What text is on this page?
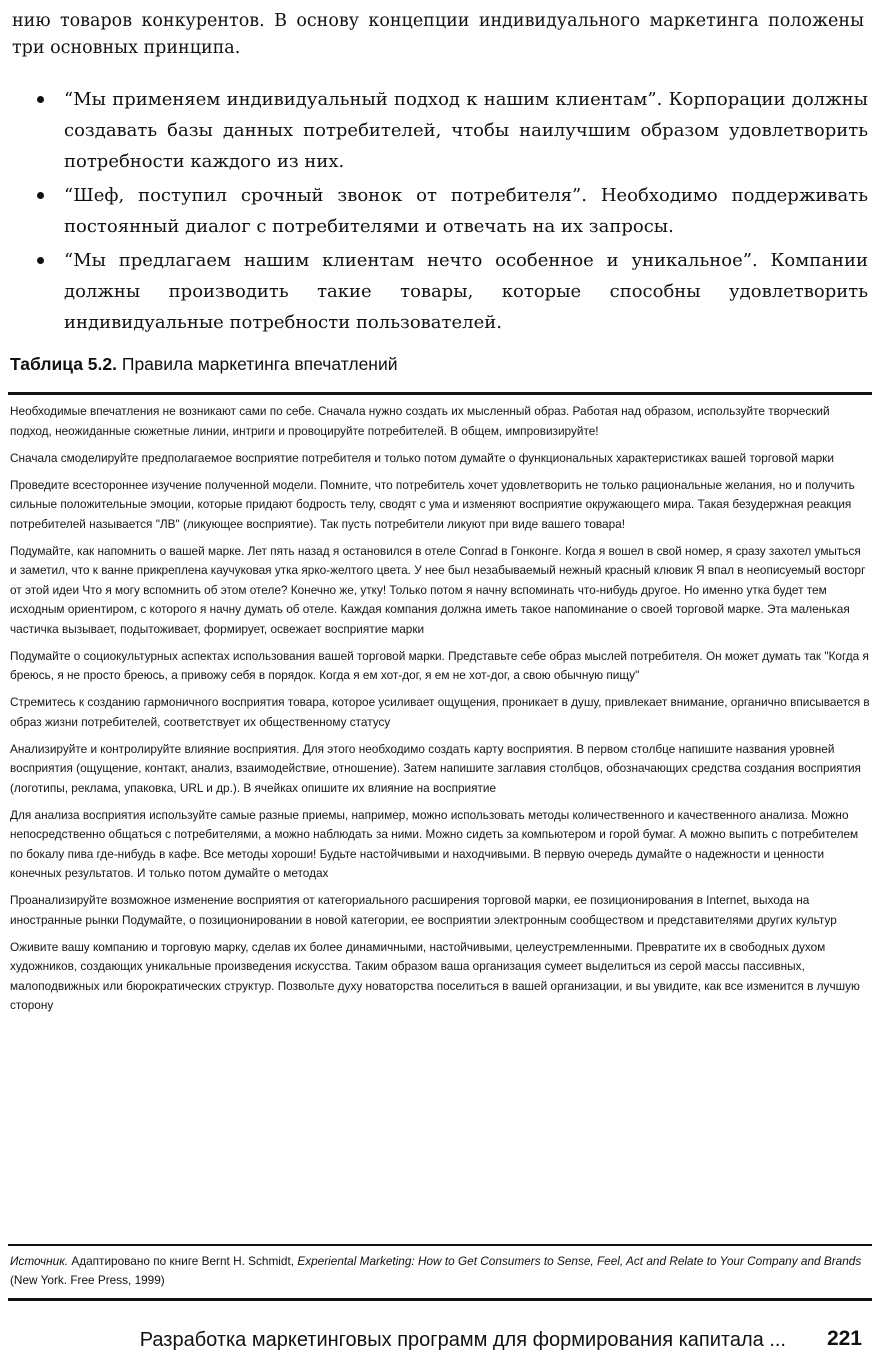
нию товаров конкурентов. В основу концепции индивидуального маркетинга положены три основных принципа.

“Мы применяем индивидуальный подход к нашим клиентам”. Корпорации должны создавать базы данных потребителей, чтобы наилучшим образом удовлетворить потребности каждого из них.
“Шеф, поступил срочный звонок от потребителя”. Необходимо поддерживать постоянный диалог с потребителями и отвечать на их запросы.
“Мы предлагаем нашим клиентам нечто особенное и уникальное”. Компании должны производить такие товары, которые способны удовлетворить индивидуальные потребности пользователей.
Таблица 5.2. Правила маркетинга впечатлений

Необходимые впечатления не возникают сами по себе. Сначала нужно создать их мысленный образ. Работая над образом, используйте творческий подход, неожиданные сюжетные линии, интриги и провоцируйте потребителей. В общем, импровизируйте!

Сначала смоделируйте предполагаемое восприятие потребителя и только потом думайте о функциональных характеристиках вашей торговой марки

Проведите всестороннее изучение полученной модели. Помните, что потребитель хочет удовлетворить не только рациональные желания, но и получить сильные положительные эмоции, которые придают бодрость телу, сводят с ума и изменяют восприятие окружающего мира. Такая безудержная реакция потребителей называется "ЛВ" (ликующее восприятие). Так пусть потребители ликуют при виде вашего товара!

Подумайте, как напомнить о вашей марке. Лет пять назад я остановился в отеле Conrad в Гонконге. Когда я вошел в свой номер, я сразу захотел умыться и заметил, что к ванне прикреплена каучуковая утка ярко-желтого цвета. У нее был незабываемый нежный красный клювик Я впал в неописуемый восторг от этой идеи Что я могу вспомнить об этом отеле? Конечно же, утку! Только потом я начну вспоминать что-нибудь другое. Но именно утка будет тем исходным ориентиром, с которого я начну думать об отеле. Каждая компания должна иметь такое напоминание о своей торговой марке. Эта маленькая частичка вызывает, подытоживает, формирует, освежает восприятие марки

Подумайте о социокультурных аспектах использования вашей торговой марки. Представьте себе образ мыслей потребителя. Он может думать так "Когда я бреюсь, я не просто бреюсь, а привожу себя в порядок. Когда я ем хот-дог, я ем не хот-дог, а свою обычную пищу"

Стремитесь к созданию гармоничного восприятия товара, которое усиливает ощущения, проникает в душу, привлекает внимание, органично вписывается в образ жизни потребителей, соответствует их общественному статусу

Анализируйте и контролируйте влияние восприятия. Для этого необходимо создать карту восприятия. В первом столбце напишите названия уровней восприятия (ощущение, контакт, анализ, взаимодействие, отношение). Затем напишите заглавия столбцов, обозначающих средства создания восприятия (логотипы, реклама, упаковка, URL и др.). В ячейках опишите их влияние на восприятие

Для анализа восприятия используйте самые разные приемы, например, можно использовать методы количественного и качественного анализа. Можно непосредственно общаться с потребителями, а можно наблюдать за ними. Можно сидеть за компьютером и горой бумаг. А можно выпить с потребителем по бокалу пива где-нибудь в кафе. Все методы хороши! Будьте настойчивыми и находчивыми. В первую очередь думайте о надежности и ценности конечных результатов. И только потом думайте о методах

Проанализируйте возможное изменение восприятия от категориального расширения торговой марки, ее позиционирования в Internet, выхода на иностранные рынки Подумайте, о позиционировании в новой категории, ее восприятии электронным сообществом и представителями других культур

Оживите вашу компанию и торговую марку, сделав их более динамичными, настойчивыми, целеустремленными. Превратите их в свободных духом художников, создающих уникальные произведения искусства. Таким образом ваша организация сумеет выделиться из серой массы пассивных, малоподвижных или бюрократических структур. Позвольте духу новаторства поселиться в вашей организации, и вы увидите, как все изменится в лучшую сторону

Источник. Адаптировано по книге Bernt H. Schmidt, Experiental Marketing: How to Get Consumers to Sense, Feel, Act and Relate to Your Company and Brands (New York. Free Press, 1999)
Разработка маркетинговых программ для формирования капитала ... 221
